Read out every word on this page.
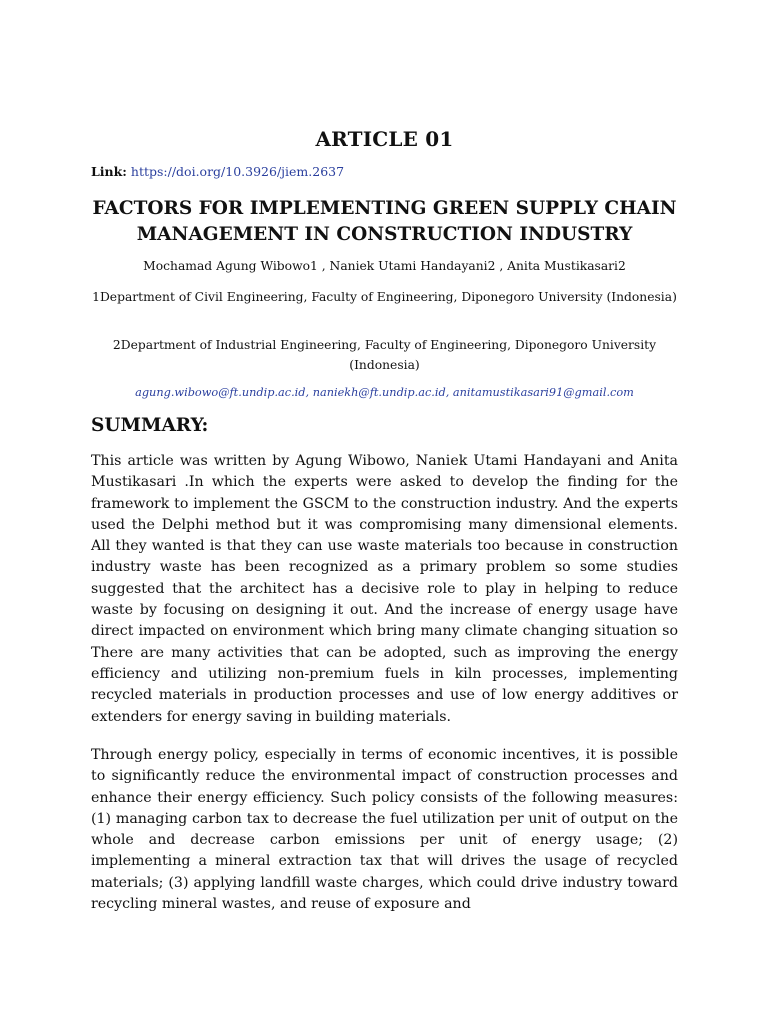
ARTICLE 01
Link: https://doi.org/10.3926/jiem.2637
FACTORS FOR IMPLEMENTING GREEN SUPPLY CHAIN MANAGEMENT IN CONSTRUCTION INDUSTRY
Mochamad Agung Wibowo1 , Naniek Utami Handayani2 , Anita Mustikasari2
1Department of Civil Engineering, Faculty of Engineering, Diponegoro University (Indonesia)
2Department of Industrial Engineering, Faculty of Engineering, Diponegoro University (Indonesia)
agung.wibowo@ft.undip.ac.id, naniekh@ft.undip.ac.id, anitamustikasari91@gmail.com
SUMMARY:

This article was written by Agung Wibowo, Naniek Utami Handayani and Anita Mustikasari .In which the experts were asked to develop the finding for the framework to implement the GSCM to the construction industry. And the experts used the Delphi method but it was compromising many dimensional elements. All they wanted is that they can use waste materials too because in construction industry waste has been recognized as a primary problem so some studies suggested that the architect has a decisive role to play in helping to reduce waste by focusing on designing it out. And the increase of energy usage have direct impacted on environment which bring many climate changing situation so There are many activities that can be adopted, such as improving the energy efficiency and utilizing non-premium fuels in kiln processes, implementing recycled materials in production processes and use of low energy additives or extenders for energy saving in building materials.

Through energy policy, especially in terms of economic incentives, it is possible to significantly reduce the environmental impact of construction processes and enhance their energy efficiency. Such policy consists of the following measures: (1) managing carbon tax to decrease the fuel utilization per unit of output on the whole and decrease carbon emissions per unit of energy usage; (2) implementing a mineral extraction tax that will drives the usage of recycled materials; (3) applying landfill waste charges, which could drive industry toward recycling mineral wastes, and reuse of exposure and
